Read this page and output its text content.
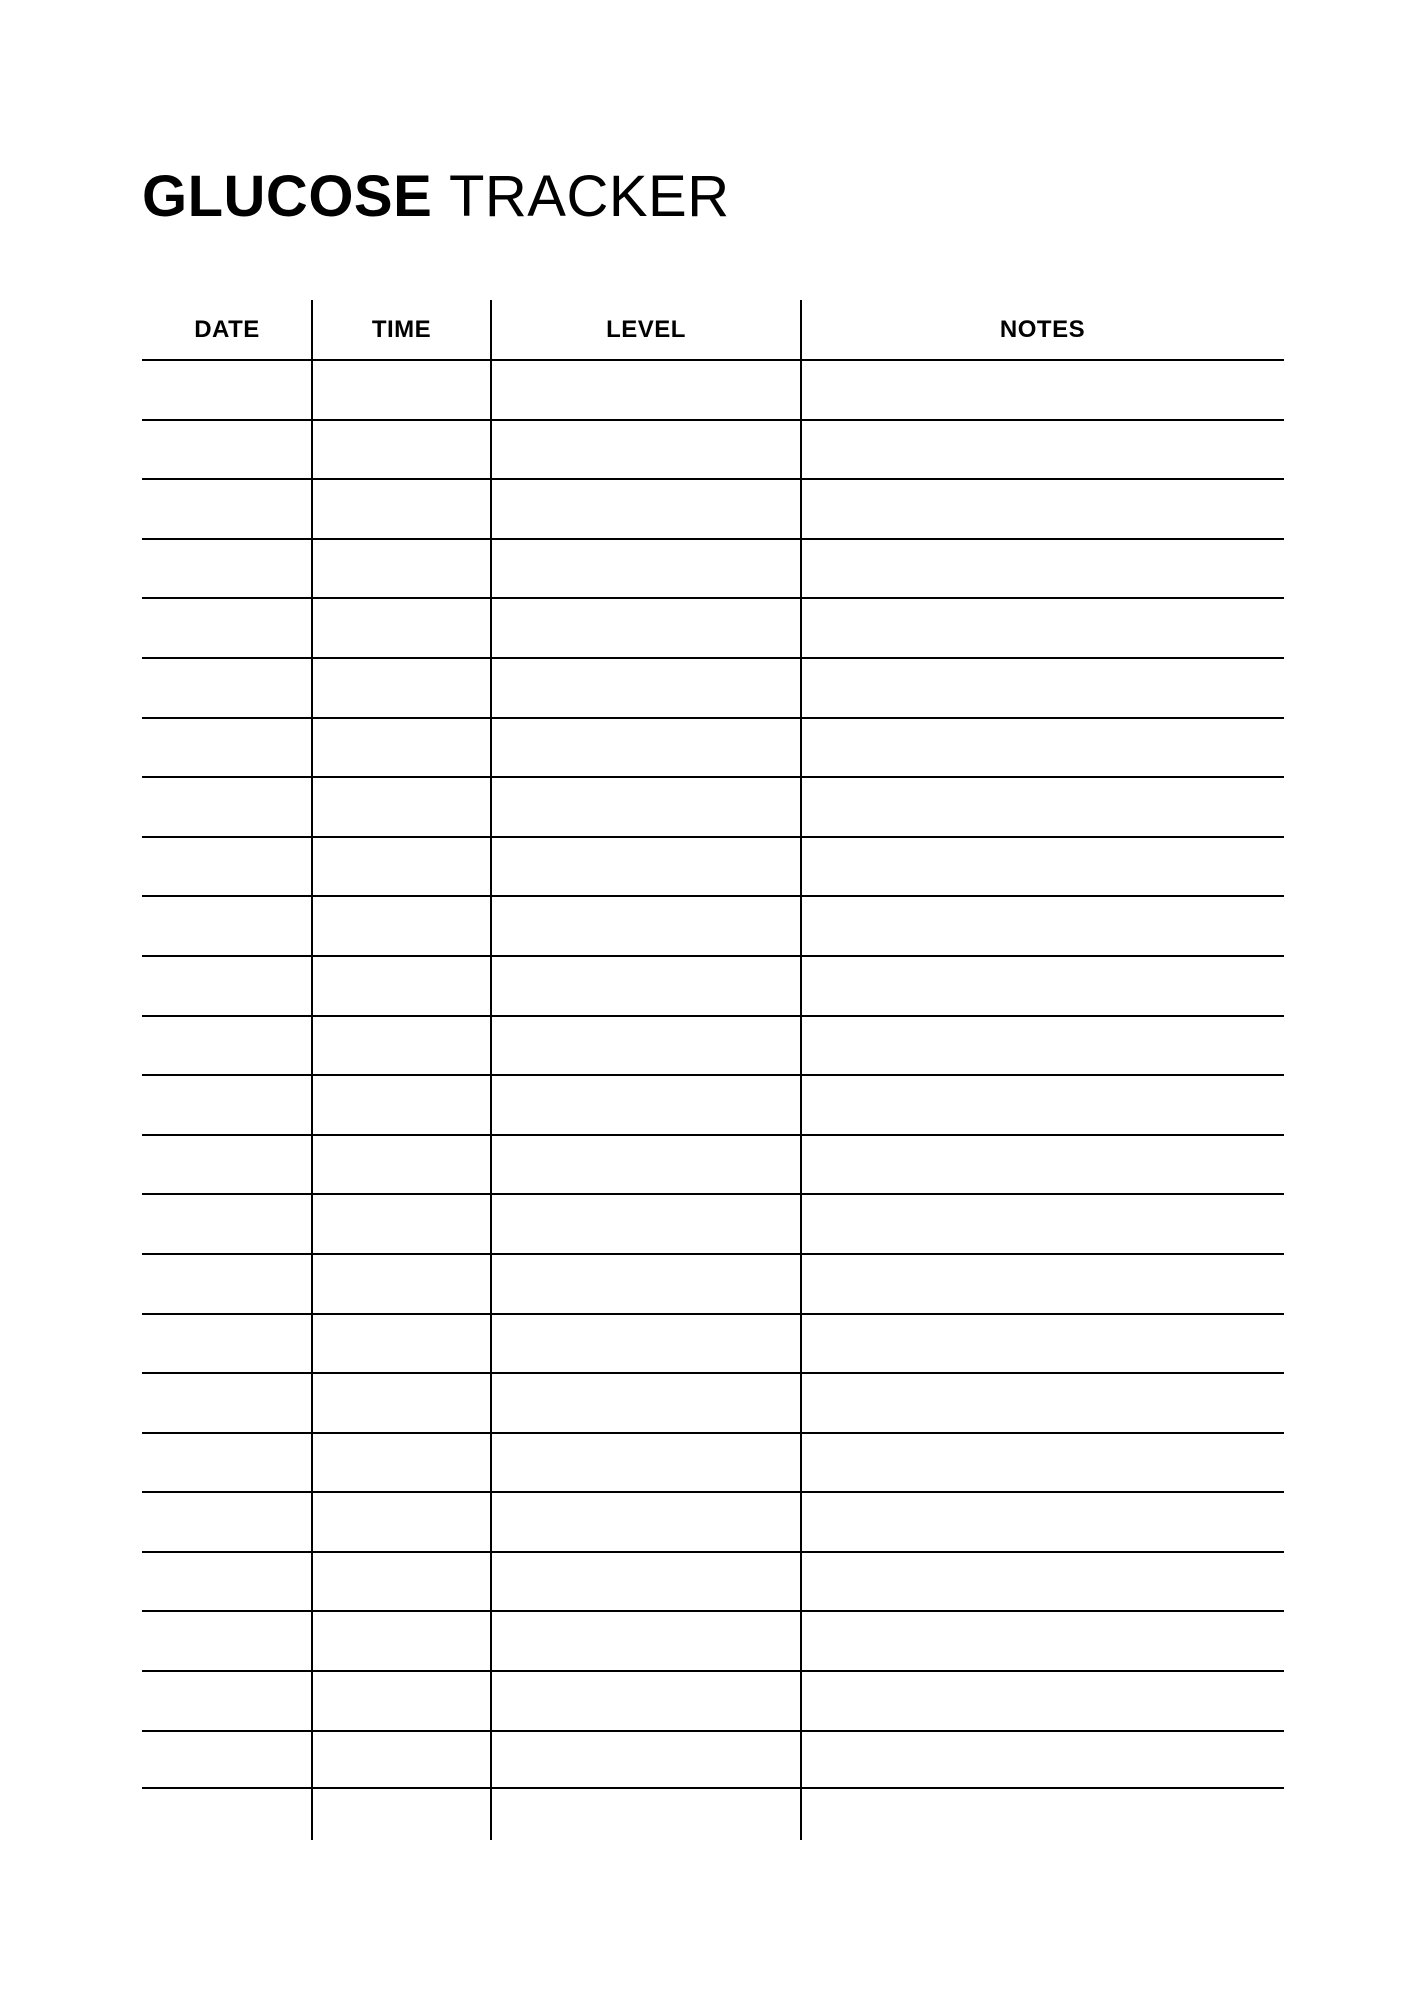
GLUCOSE TRACKER
DATE	TIME	LEVEL	NOTES
